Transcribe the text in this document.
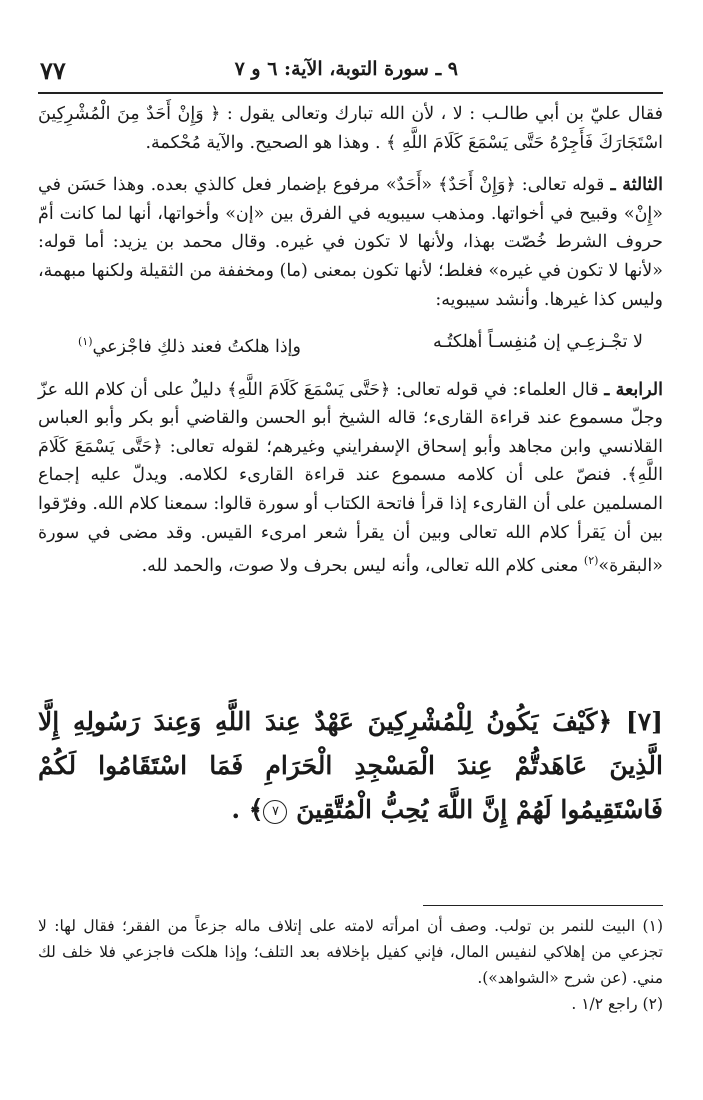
٩ ـ سورة التوبة، الآية: ٦ و ٧
٧٧

فقال عليّ بن أبي طالـب : لا ، لأن الله تبارك وتعالى يقول : ﴿ وَإِنْ أَحَدٌ مِنَ الْمُشْرِكِينَ اسْتَجَارَكَ فَأَجِرْهُ حَتَّى يَسْمَعَ كَلَامَ اللَّهِ ﴾ . وهذا هو الصحيح. والآية مُحْكمة.

الثالثة ـ قوله تعالى: ﴿وَإِنْ أَحَدٌ﴾ «أَحَدٌ» مرفوع بإضمار فعل كالذي بعده. وهذا حَسَن في «إِنْ» وقبيح في أخواتها. ومذهب سيبويه في الفرق بين «إن» وأخواتها، أنها لما كانت أمّ حروف الشرط خُصّت بهذا، ولأنها لا تكون في غيره. وقال محمد بن يزيد: أما قوله: «لأنها لا تكون في غيره» فغلط؛ لأنها تكون بمعنى (ما) ومخففة من الثقيلة ولكنها مبهمة، وليس كذا غيرها. وأنشد سيبويه:

لا تجْـزعِـي إن مُنفِسـاً أهلكتُـه
وإذا هلكتُ فعند ذلكِ فاجْزعي$^{(١)}$

الرابعة ـ قال العلماء: في قوله تعالى: ﴿حَتَّى يَسْمَعَ كَلَامَ اللَّهِ﴾ دليلٌ على أن كلام الله عزّ وجلّ مسموع عند قراءة القارىء؛ قاله الشيخ أبو الحسن والقاضي أبو بكر وأبو العباس القلانسي وابن مجاهد وأبو إسحاق الإسفرايني وغيرهم؛ لقوله تعالى: ﴿حَتَّى يَسْمَعَ كَلَامَ اللَّهِ﴾. فنصّ على أن كلامه مسموع عند قراءة القارىء لكلامه. ويدلّ عليه إجماع المسلمين على أن القارىء إذا قرأ فاتحة الكتاب أو سورة قالوا: سمعنا كلام الله. وفرّقوا بين أن يَقرأ كلام الله تعالى وبين أن يقرأ شعر امرىء القيس. وقد مضى في سورة «البقرة»$^{(٢)}$ معنى كلام الله تعالى، وأنه ليس بحرف ولا صوت، والحمد لله.

[٧] ﴿كَيْفَ يَكُونُ لِلْمُشْرِكِينَ عَهْدٌ عِندَ اللَّهِ وَعِندَ رَسُولِهِ إِلَّا الَّذِينَ عَاهَدتُّمْ عِندَ الْمَسْجِدِ الْحَرَامِ فَمَا اسْتَقَامُوا لَكُمْ فَاسْتَقِيمُوا لَهُمْ إِنَّ اللَّهَ يُحِبُّ الْمُتَّقِينَ ٧﴾ .

(١) البيت للنمر بن تولب. وصف أن امرأته لامته على إتلاف ماله جزعاً من الفقر؛ فقال لها: لا تجزعي من إهلاكي لنفيس المال، فإني كفيل بإخلافه بعد التلف؛ وإذا هلكت فاجزعي فلا خلف لك مني. (عن شرح «الشواهد»).

(٢) راجع ١/٢ .
